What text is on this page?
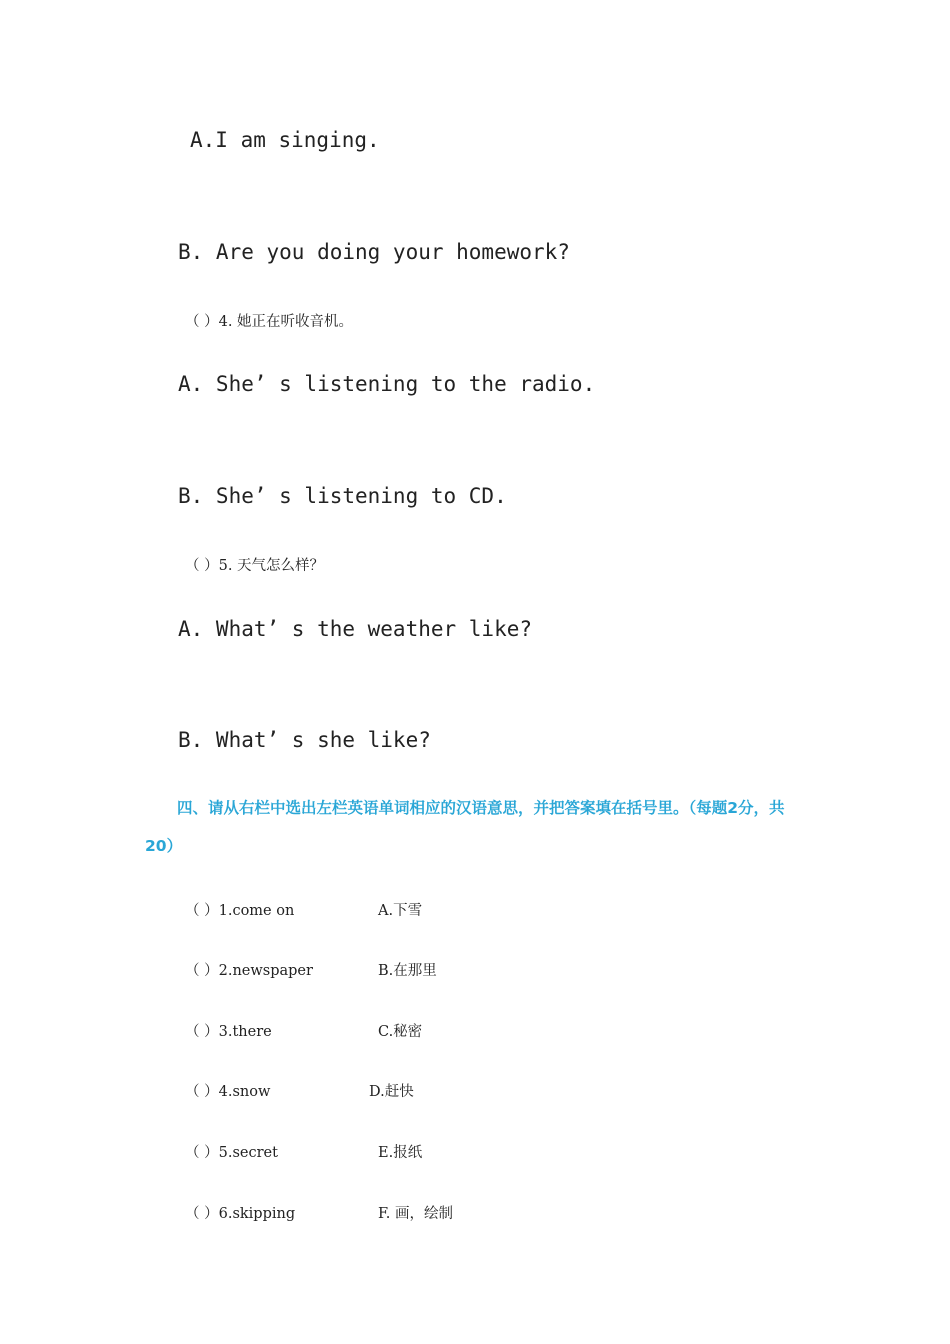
A.I am singing.
B. Are you doing your homework?
（ ）4. 她正在听收音机。
A. She’ s listening to the radio.
B. She’ s listening to CD.
（ ）5. 天气怎么样？
A. What’ s the weather like?
B. What’ s she like?
四、请从右栏中选出左栏英语单词相应的汉语意思，并把答案填在括号里。（每题2分，共20）
（ ）1.come on	A.下雪
（ ）2.newspaper	B.在那里
（ ）3.there	C.秘密
（ ）4.snow	D.赶快
（ ）5.secret	E.报纸
（ ）6.skipping	F. 画，绘制
